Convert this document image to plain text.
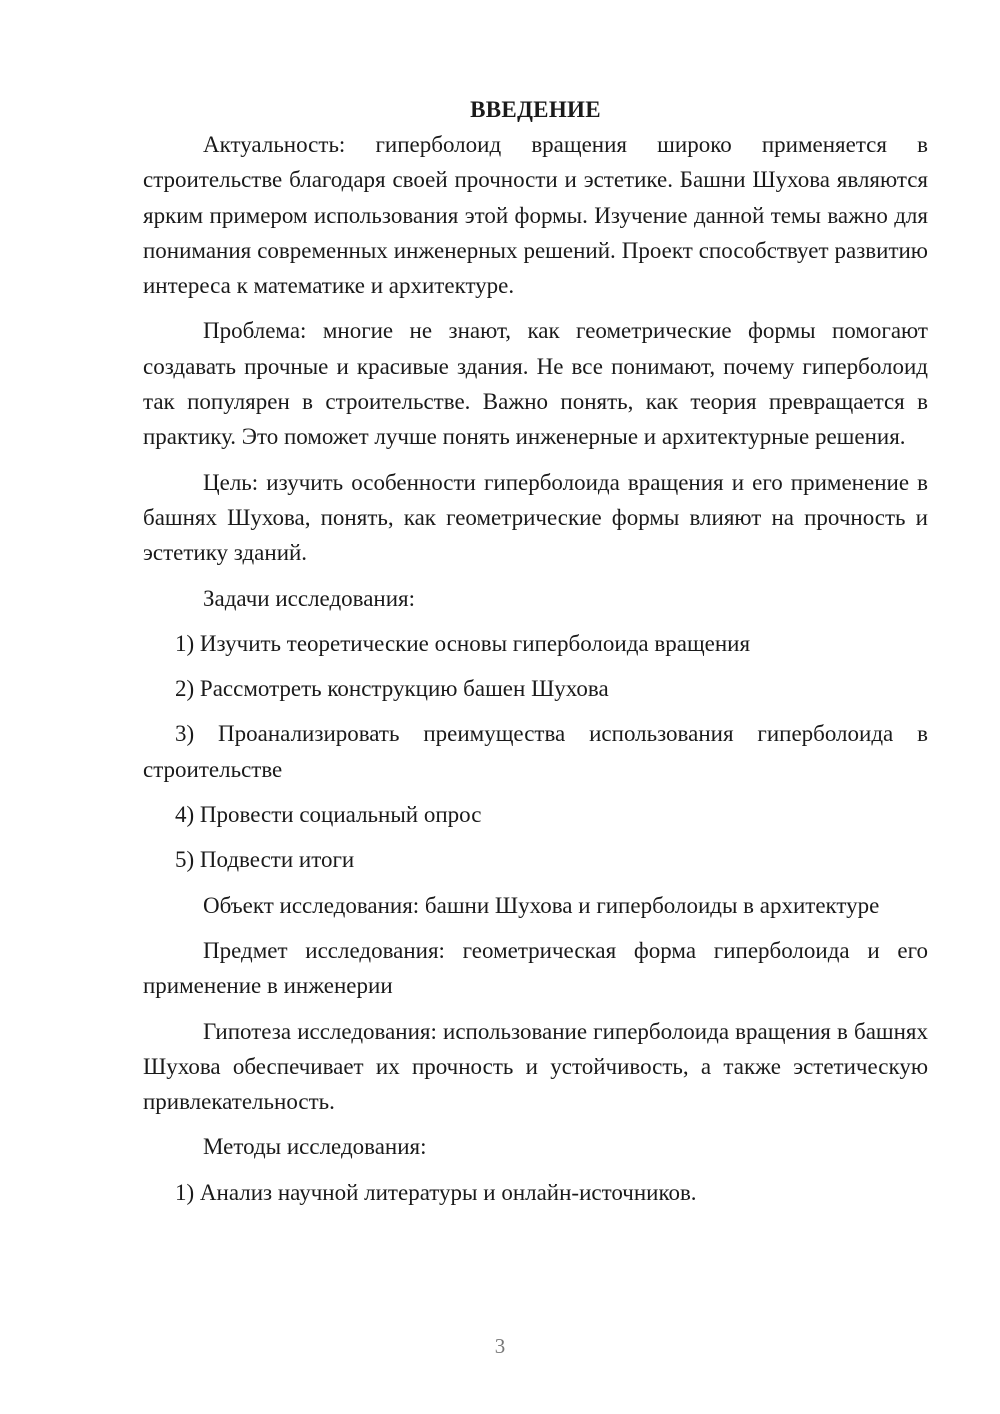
ВВЕДЕНИЕ

Актуальность: гиперболоид вращения широко применяется в строительстве благодаря своей прочности и эстетике. Башни Шухова являются ярким примером использования этой формы. Изучение данной темы важно для понимания современных инженерных решений. Проект способствует развитию интереса к математике и архитектуре.

Проблема: многие не знают, как геометрические формы помогают создавать прочные и красивые здания. Не все понимают, почему гиперболоид так популярен в строительстве. Важно понять, как теория превращается в практику. Это поможет лучше понять инженерные и архитектурные решения.

Цель: изучить особенности гиперболоида вращения и его применение в башнях Шухова, понять, как геометрические формы влияют на прочность и эстетику зданий.

Задачи исследования:

1) Изучить теоретические основы гиперболоида вращения

2) Рассмотреть конструкцию башен Шухова

3) Проанализировать преимущества использования гиперболоида в строительстве

4) Провести социальный опрос

5) Подвести итоги

Объект исследования: башни Шухова и гиперболоиды в архитектуре

Предмет исследования: геометрическая форма гиперболоида и его применение в инженерии

Гипотеза исследования: использование гиперболоида вращения в башнях Шухова обеспечивает их прочность и устойчивость, а также эстетическую привлекательность.

Методы исследования:

1) Анализ научной литературы и онлайн-источников.

3
